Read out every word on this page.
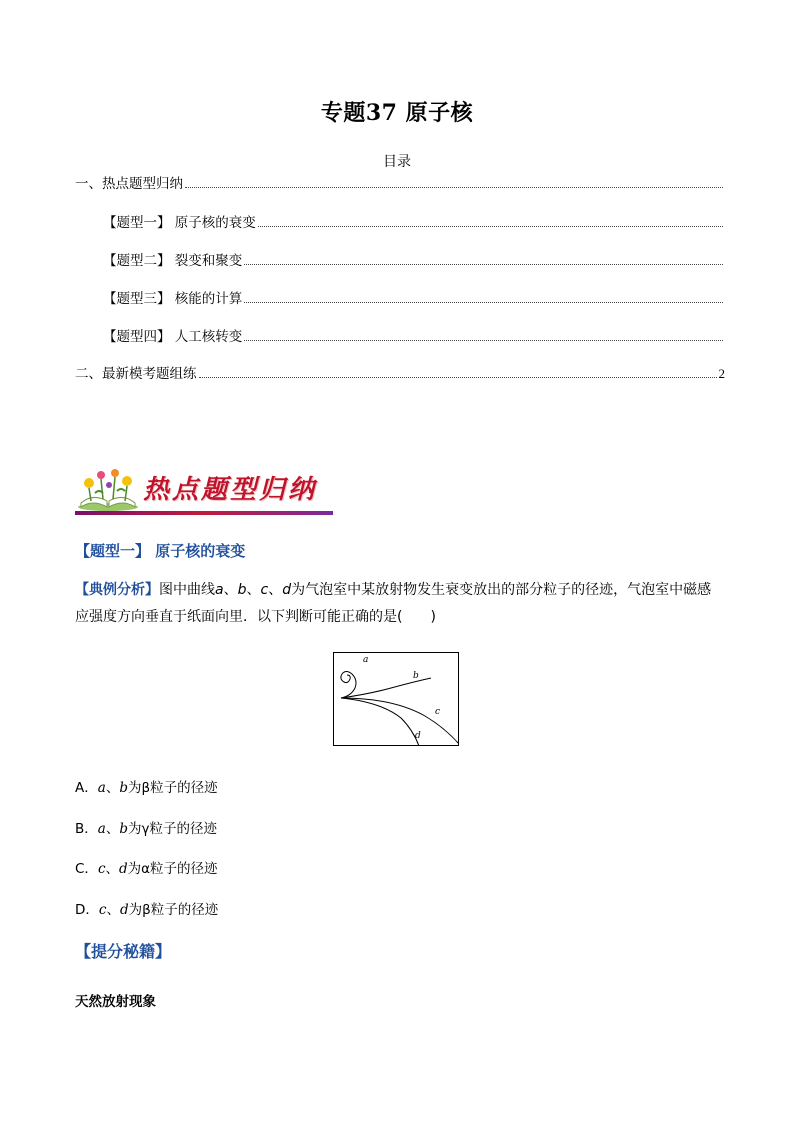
专题37 原子核
目录
一、热点题型归纳
【题型一】 原子核的衰变
【题型二】 裂变和聚变
【题型三】 核能的计算
【题型四】 人工核转变
二、最新模考题组练	2
热点题型归纳
【题型一】 原子核的衰变
【典例分析】图中曲线a、b、c、d为气泡室中某放射物发生衰变放出的部分粒子的径迹，气泡室中磁感应强度方向垂直于纸面向里．以下判断可能正确的是(　　)
a
b
c
d
A．a、b为β粒子的径迹
B．a、b为γ粒子的径迹
C．c、d为α粒子的径迹
D．c、d为β粒子的径迹
【提分秘籍】
天然放射现象
